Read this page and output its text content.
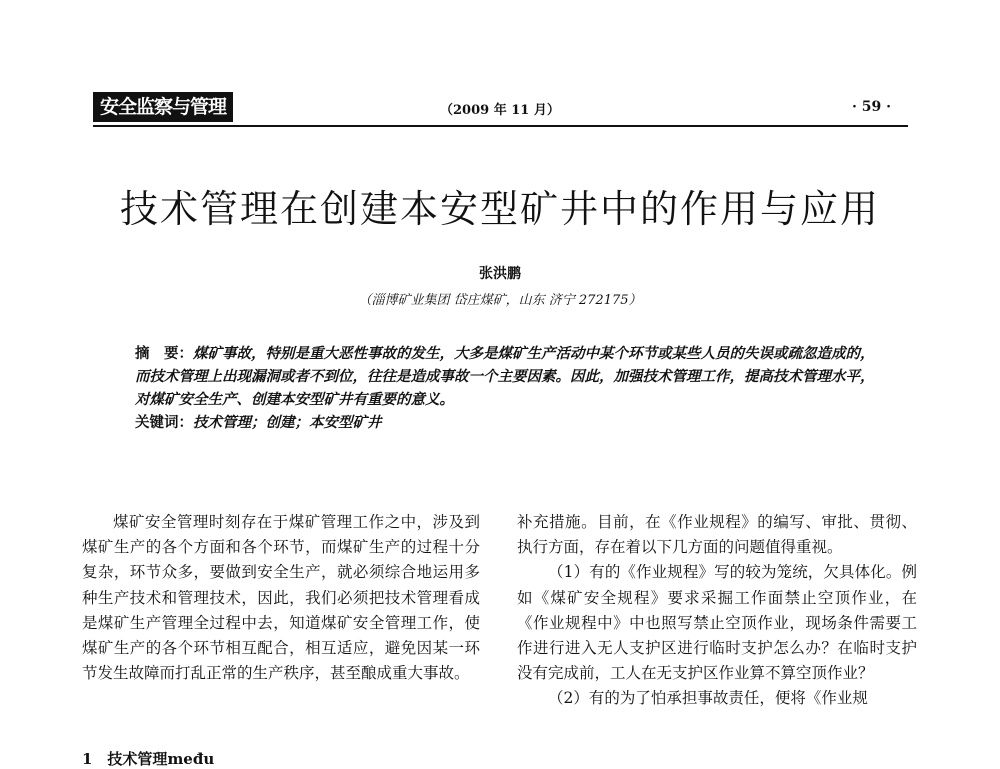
安全监察与管理	（2009 年 11 月）	· 59 ·
技术管理在创建本安型矿井中的作用与应用
张洪鹏
（淄博矿业集团 岱庄煤矿，山东 济宁 272175）

摘　要：煤矿事故，特别是重大恶性事故的发生，大多是煤矿生产活动中某个环节或某些人员的失误或疏忽造成的，而技术管理上出现漏洞或者不到位，往往是造成事故一个主要因素。因此，加强技术管理工作，提高技术管理水平，对煤矿安全生产、创建本安型矿井有重要的意义。

关键词：技术管理；创建；本安型矿井

煤矿安全管理时刻存在于煤矿管理工作之中，涉及到煤矿生产的各个方面和各个环节，而煤矿生产的过程十分复杂，环节众多，要做到安全生产，就必须综合地运用多种生产技术和管理技术，因此，我们必须把技术管理看成是煤矿生产管理全过程中去，知道煤矿安全管理工作，使煤矿生产的各个环节相互配合，相互适应，避免因某一环节发生故障而打乱正常的生产秩序，甚至酿成重大事故。

1　技术管理među

补充措施。目前，在《作业规程》的编写、审批、贯彻、执行方面，存在着以下几方面的问题值得重视。

（1）有的《作业规程》写的较为笼统，欠具体化。例如《煤矿安全规程》要求采掘工作面禁止空顶作业，在《作业规程中》中也照写禁止空顶作业，现场条件需要工作进行进入无人支护区进行临时支护怎么办？在临时支护没有完成前，工人在无支护区作业算不算空顶作业？

（2）有的为了怕承担事故责任，便将《作业规
